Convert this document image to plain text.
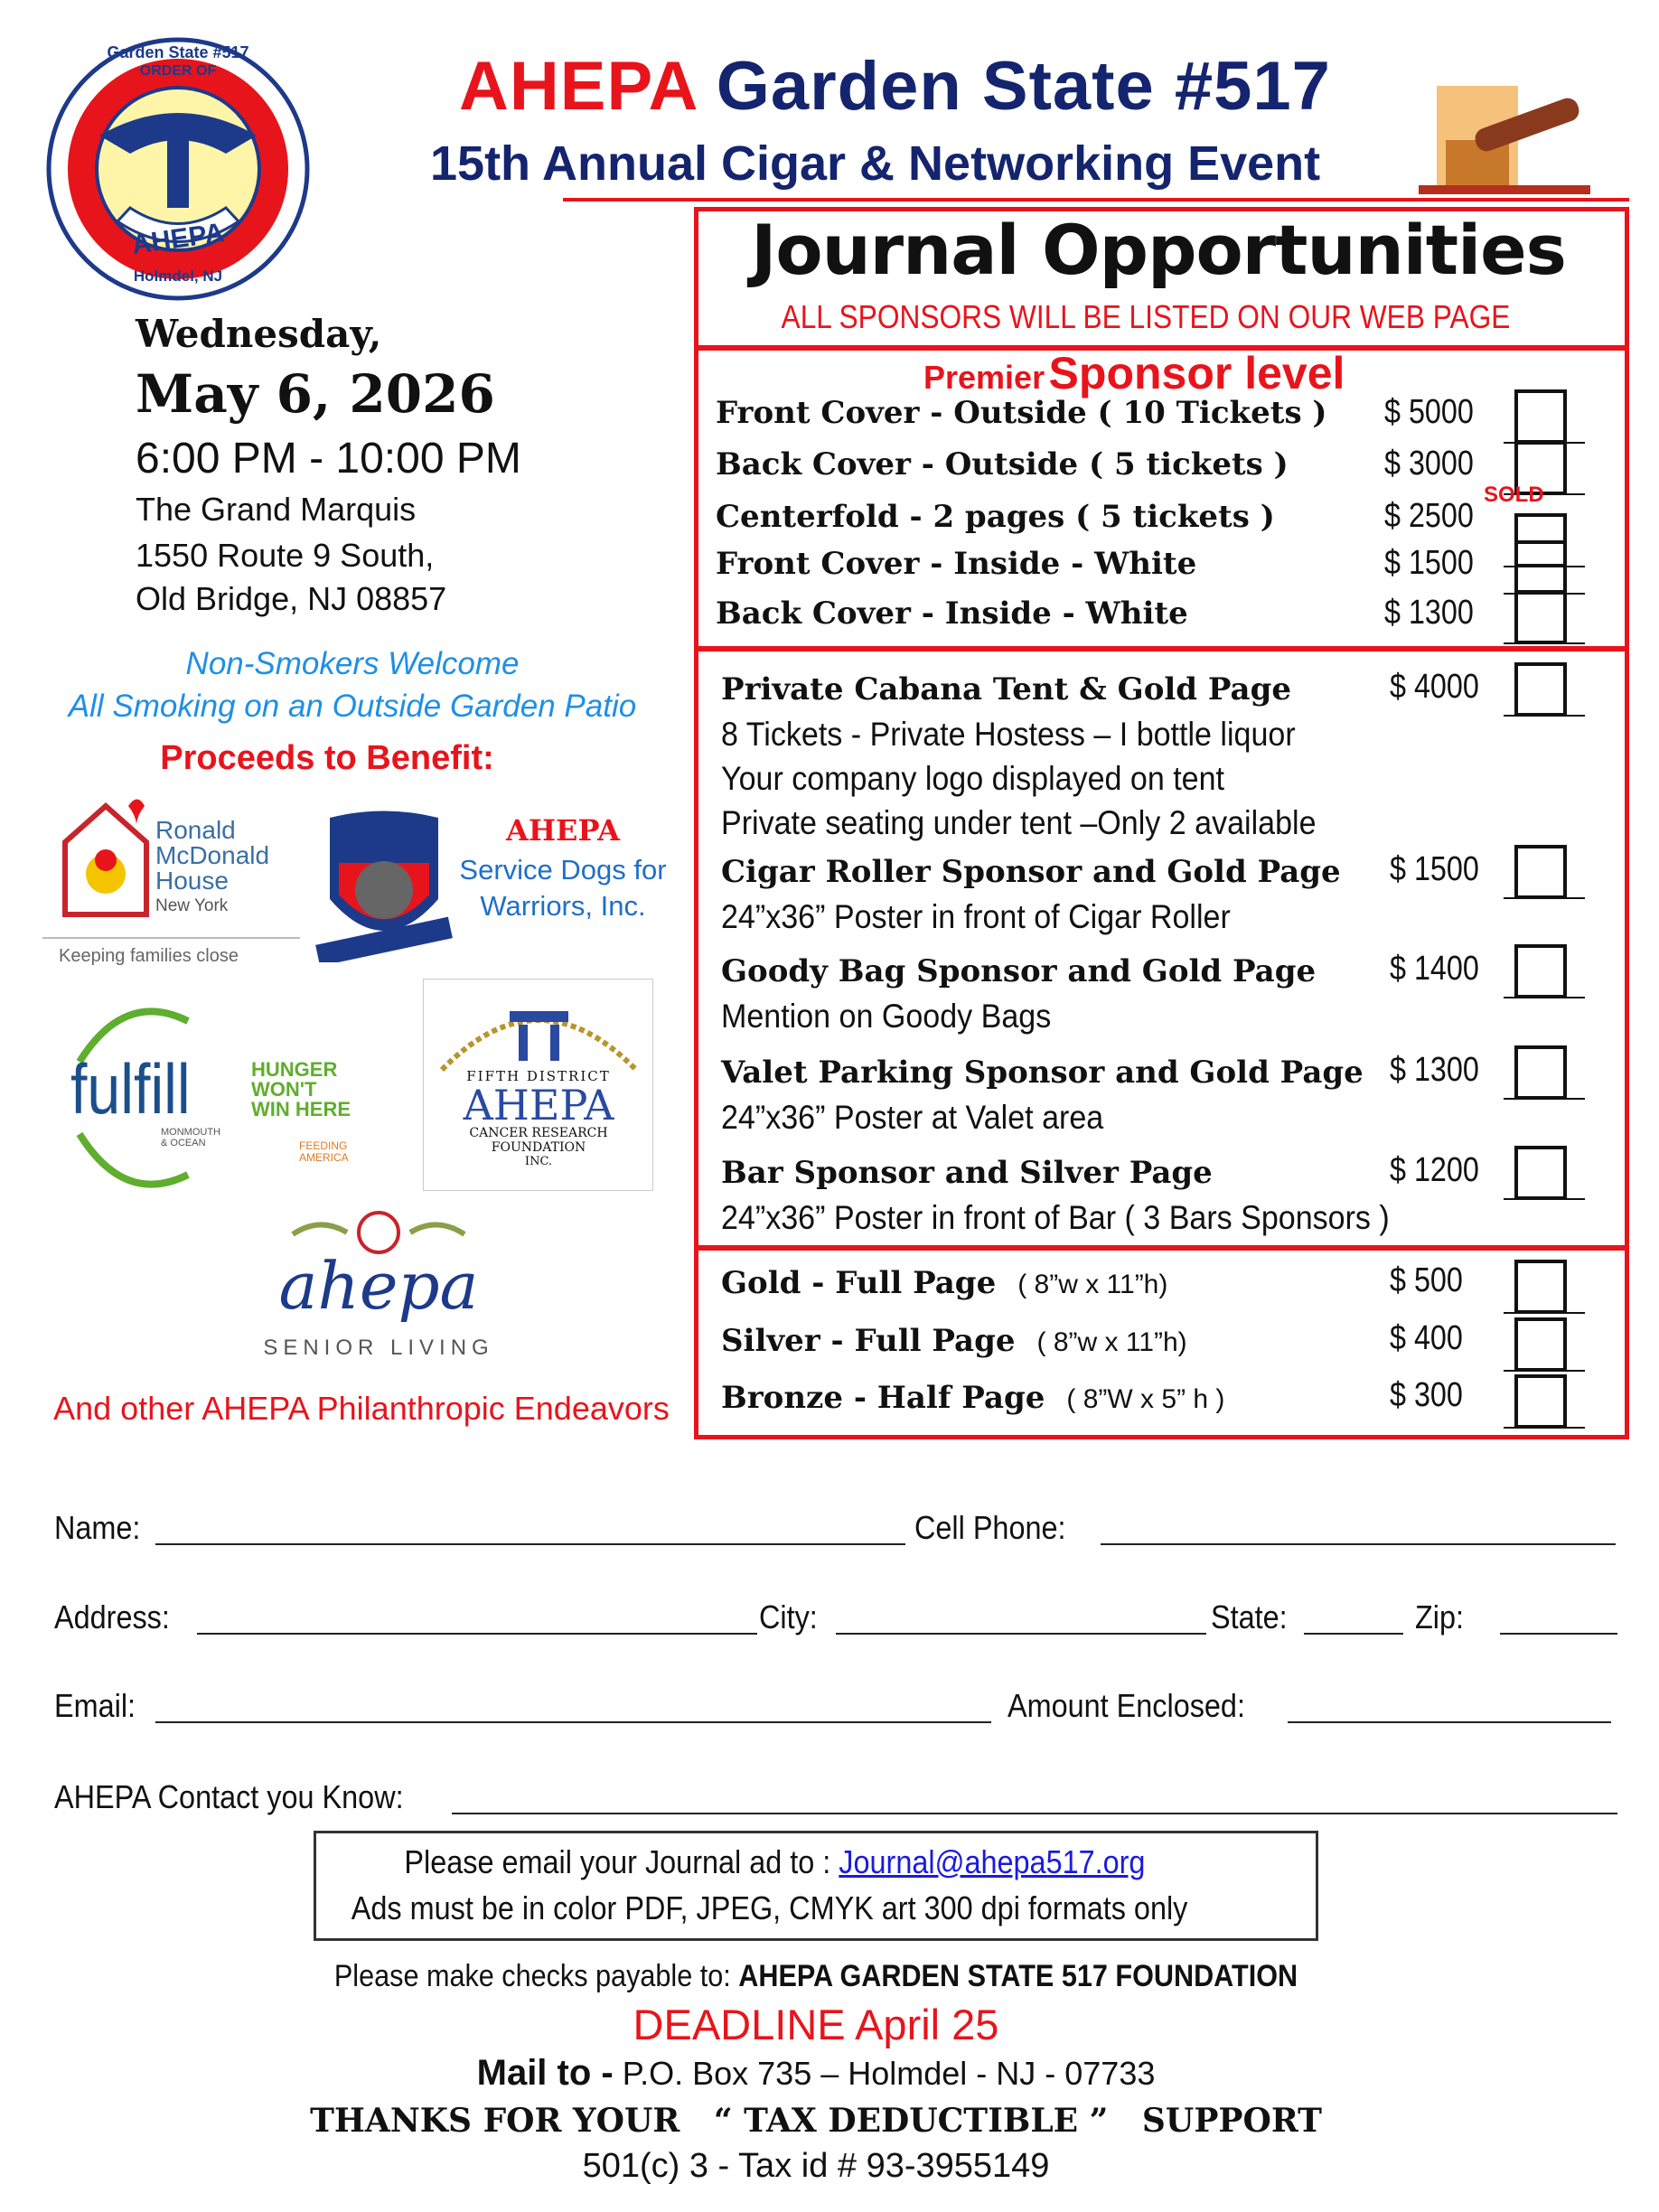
AHEPA
Garden State #517
ORDER OF
Holmdel, NJ
AHEPA Garden State #517
15th Annual Cigar & Networking Event
Wednesday,
May 6, 2026
6:00 PM - 10:00 PM
The Grand Marquis
1550 Route 9 South,
Old Bridge, NJ 08857
Non-Smokers Welcome
All Smoking on an Outside Garden Patio
Proceeds to Benefit:
Ronald
McDonald
House
New York
Keeping families close
AHEPA
Service Dogs for
Warriors, Inc.
fulfill	HUNGER
WON'T
WIN HERE
MONMOUTH
& OCEAN	FEEDING
AMERICA
FIFTH DISTRICT
AHEPA
CANCER RESEARCH
FOUNDATION
INC.
ahepa
SENIOR LIVING
And other AHEPA Philanthropic Endeavors
Journal Opportunities
ALL SPONSORS WILL BE LISTED ON OUR WEB PAGE
Premier Sponsor level
Please email your Journal ad to : Journal@ahepa517.org
Ads must be in color PDF, JPEG, CMYK art 300 dpi formats only
Please make checks payable to: AHEPA GARDEN STATE 517 FOUNDATION
DEADLINE April 25
Mail to - P.O. Box 735 – Holmdel - NJ - 07733
THANKS FOR YOUR   “ TAX DEDUCTIBLE ”   SUPPORT
501(c) 3 - Tax id # 93-3955149
Front Cover - Outside ( 10 Tickets ) $ 5000
Back Cover - Outside ( 5 tickets )	$ 3000
Centerfold - 2 pages ( 5 tickets )	$ 2500
SOLD
Front Cover - Inside - White	$ 1500
Back Cover - Inside - White	$ 1300
Private Cabana Tent & Gold Page	$ 4000
8 Tickets - Private Hostess – I bottle liquor
Your company logo displayed on tent
Private seating under tent –Only 2 available
Cigar Roller Sponsor and Gold Page $ 1500
24”x36” Poster in front of Cigar Roller
Goody Bag Sponsor and Gold Page $ 1400
Mention on Goody Bags
Valet Parking Sponsor and Gold Page $ 1300
24”x36” Poster at Valet area
Bar Sponsor and Silver Page	$ 1200
24”x36” Poster in front of Bar ( 3 Bars Sponsors )
Gold - Full Page ( 8”w x 11”h)	$ 500
Silver - Full Page ( 8”w x 11”h)	$ 400
Bronze - Half Page ( 8”W x 5” h )	$ 300
Name:	Cell Phone:
Address:	City:	State:	Zip:
Email:	Amount Enclosed:
AHEPA Contact you Know:
